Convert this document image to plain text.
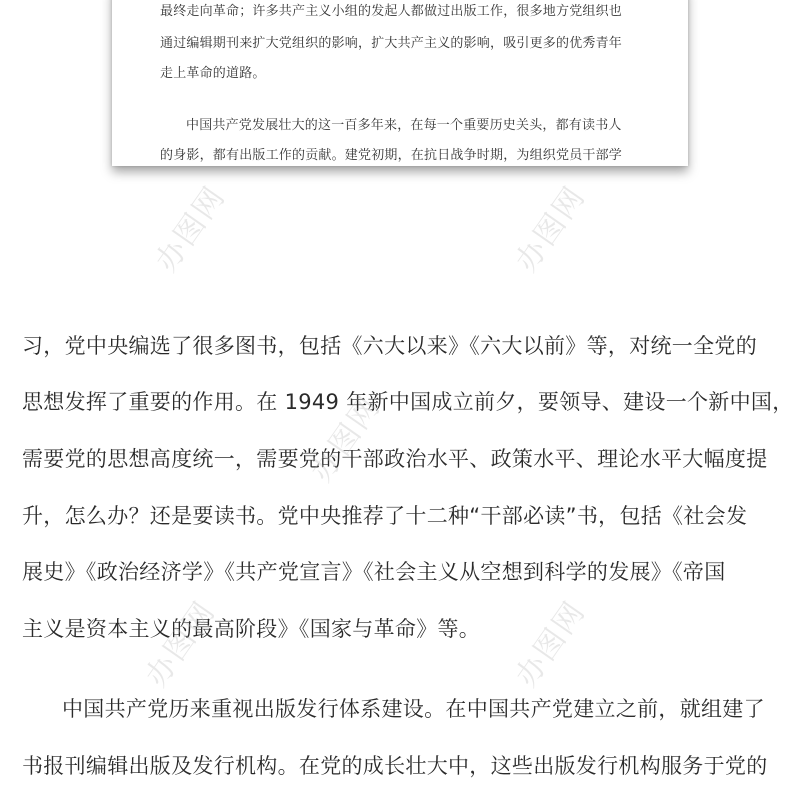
最终走向革命；许多共产主义小组的发起人都做过出版工作，很多地方党组织也
通过编辑期刊来扩大党组织的影响，扩大共产主义的影响，吸引更多的优秀青年
走上革命的道路。
中国共产党发展壮大的这一百多年来，在每一个重要历史关头，都有读书人
的身影，都有出版工作的贡献。建党初期，在抗日战争时期，为组织党员干部学
习，党中央编选了很多图书，包括《六大以来》《六大以前》等，对统一全党的
思想发挥了重要的作用。在 1949 年新中国成立前夕，要领导、建设一个新中国，
需要党的思想高度统一，需要党的干部政治水平、政策水平、理论水平大幅度提
升，怎么办？还是要读书。党中央推荐了十二种“干部必读”书，包括《社会发
展史》《政治经济学》《共产党宣言》《社会主义从空想到科学的发展》《帝国
主义是资本主义的最高阶段》《国家与革命》等。
中国共产党历来重视出版发行体系建设。在中国共产党建立之前，就组建了
书报刊编辑出版及发行机构。在党的成长壮大中，这些出版发行机构服务于党的
办图网	办图网
办图网
办图网	办图网
